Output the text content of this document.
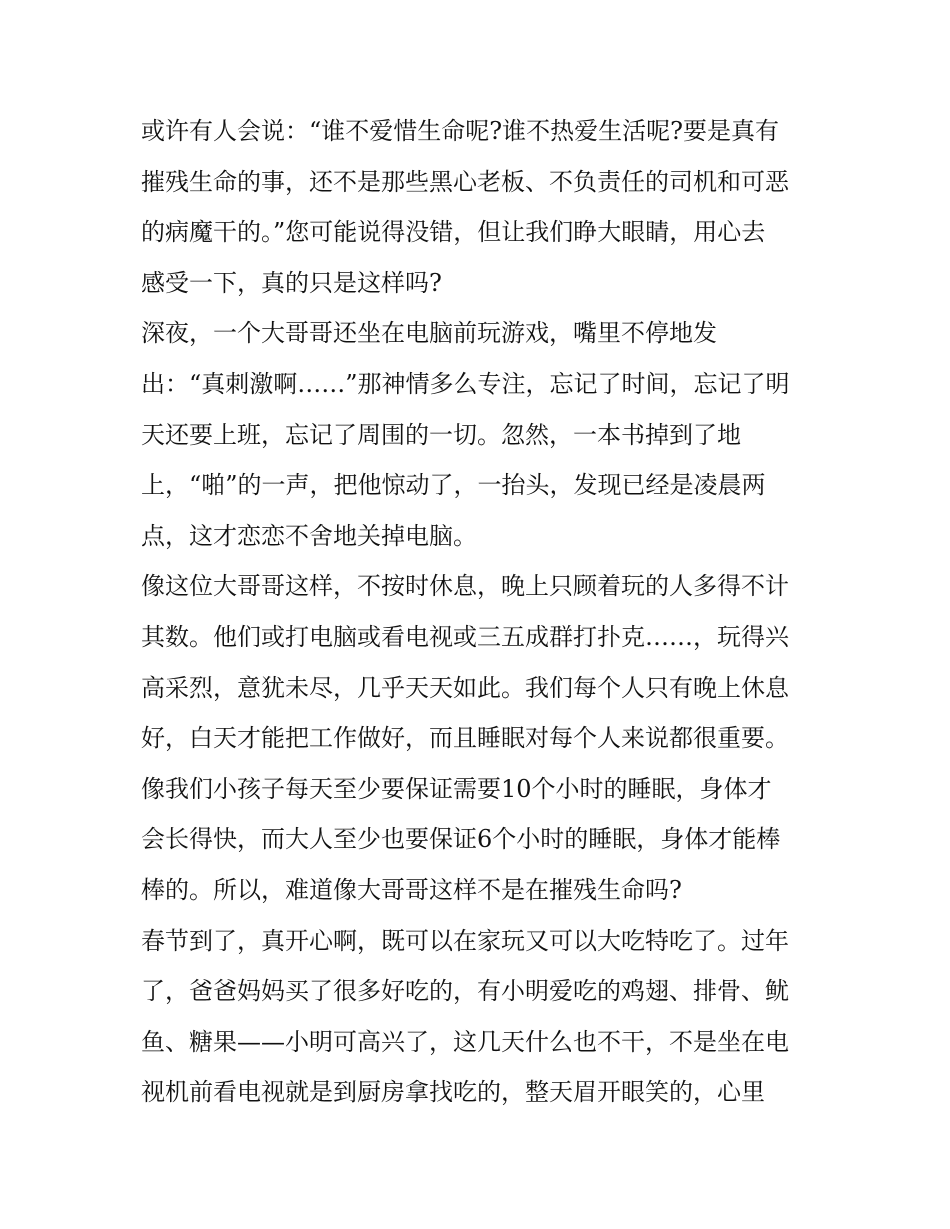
或许有人会说：“谁不爱惜生命呢?谁不热爱生活呢?要是真有
摧残生命的事，还不是那些黑心老板、不负责任的司机和可恶
的病魔干的。”您可能说得没错，但让我们睁大眼睛，用心去
感受一下，真的只是这样吗?
深夜，一个大哥哥还坐在电脑前玩游戏，嘴里不停地发
出：“真刺激啊……”那神情多么专注，忘记了时间，忘记了明
天还要上班，忘记了周围的一切。忽然，一本书掉到了地
上，“啪”的一声，把他惊动了，一抬头，发现已经是凌晨两
点，这才恋恋不舍地关掉电脑。
像这位大哥哥这样，不按时休息，晚上只顾着玩的人多得不计
其数。他们或打电脑或看电视或三五成群打扑克……，玩得兴
高采烈，意犹未尽，几乎天天如此。我们每个人只有晚上休息
好，白天才能把工作做好，而且睡眠对每个人来说都很重要。
像我们小孩子每天至少要保证需要10个小时的睡眠，身体才
会长得快，而大人至少也要保证6个小时的睡眠，身体才能棒
棒的。所以，难道像大哥哥这样不是在摧残生命吗?
春节到了，真开心啊，既可以在家玩又可以大吃特吃了。过年
了，爸爸妈妈买了很多好吃的，有小明爱吃的鸡翅、排骨、鱿
鱼、糖果——小明可高兴了，这几天什么也不干，不是坐在电
视机前看电视就是到厨房拿找吃的，整天眉开眼笑的，心里
